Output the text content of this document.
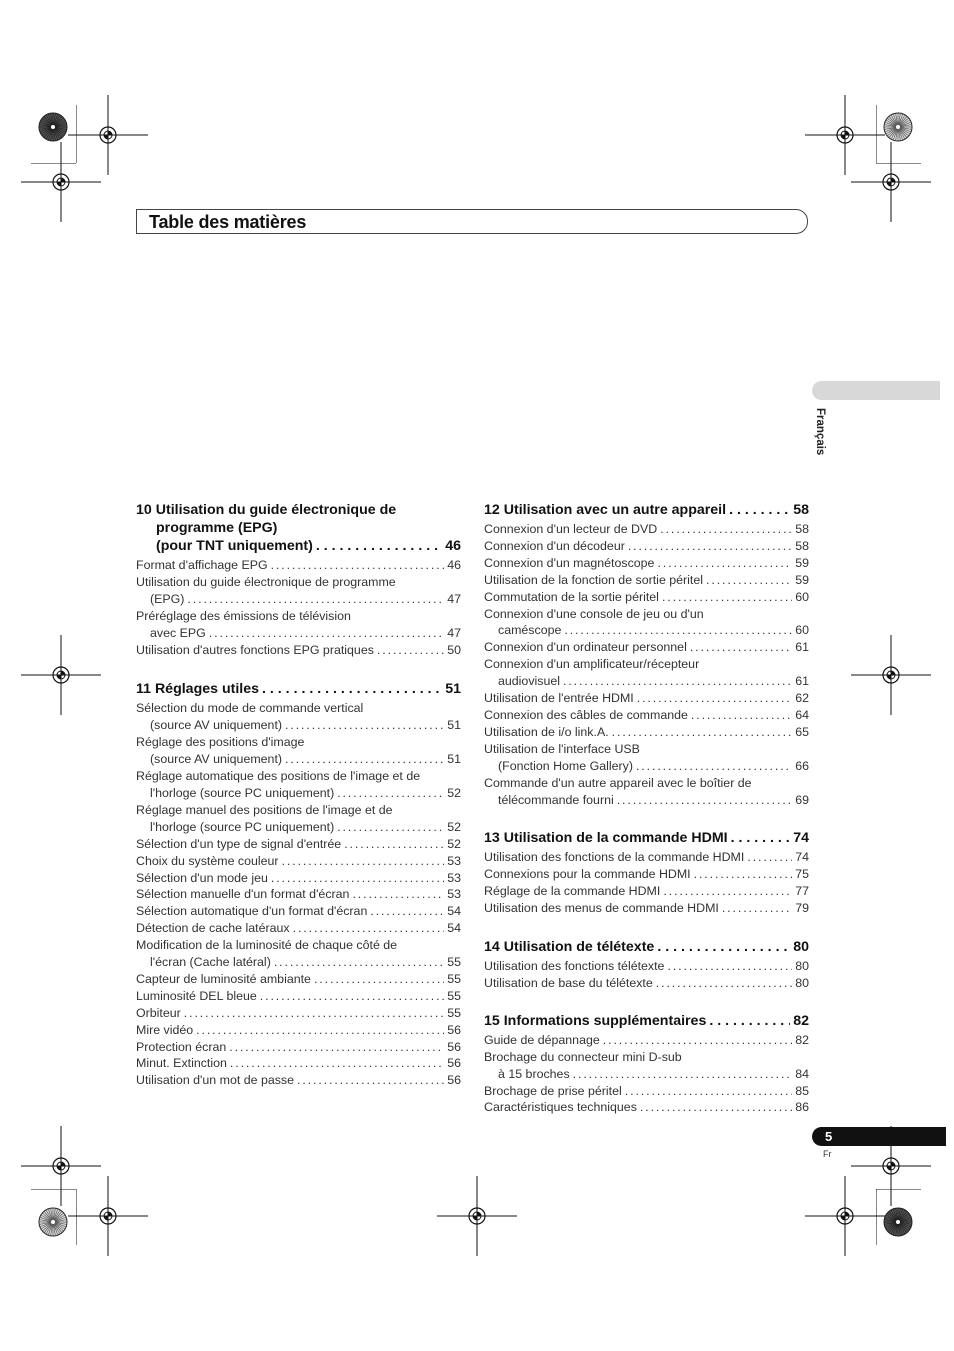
Table des matières
Français
10 Utilisation du guide électronique de
programme (EPG)
(pour TNT uniquement) . . .	46
Format d'affichage EPG .....	46
Utilisation du guide électronique de programme
(EPG) .....	47
Préréglage des émissions de télévision
avec EPG .....	47
Utilisation d'autres fonctions EPG pratiques .....	50
11 Réglages utiles . . .	51
Sélection du mode de commande vertical
(source AV uniquement) .....	51
Réglage des positions d'image
(source AV uniquement) .....	51
Réglage automatique des positions de l'image et de
l'horloge (source PC uniquement) .....	52
Réglage manuel des positions de l'image et de
l'horloge (source PC uniquement) .....	52
Sélection d'un type de signal d'entrée .....	52
Choix du système couleur .....	53
Sélection d'un mode jeu .....	53
Sélection manuelle d'un format d'écran .....	53
Sélection automatique d'un format d'écran .....	54
Détection de cache latéraux .....	54
Modification de la luminosité de chaque côté de
l'écran (Cache latéral) .....	55
Capteur de luminosité ambiante .....	55
Luminosité DEL bleue .....	55
Orbiteur .....	55
Mire vidéo .....	56
Protection écran .....	56
Minut. Extinction .....	56
Utilisation d'un mot de passe .....	56
12 Utilisation avec un autre appareil . . .	58
Connexion d'un lecteur de DVD .....	58
Connexion d'un décodeur .....	58
Connexion d'un magnétoscope .....	59
Utilisation de la fonction de sortie péritel .....	59
Commutation de la sortie péritel .....	60
Connexion d'une console de jeu ou d'un
caméscope .....	60
Connexion d'un ordinateur personnel .....	61
Connexion d'un amplificateur/récepteur
audiovisuel .....	61
Utilisation de l'entrée HDMI .....	62
Connexion des câbles de commande .....	64
Utilisation de i/o link.A. .....	65
Utilisation de l'interface USB
(Fonction Home Gallery) .....	66
Commande d'un autre appareil avec le boîtier de
télécommande fourni .....	69
13 Utilisation de la commande HDMI . . .	74
Utilisation des fonctions de la commande HDMI .....	74
Connexions pour la commande HDMI .....	75
Réglage de la commande HDMI .....	77
Utilisation des menus de commande HDMI .....	79
14 Utilisation de télétexte . . .	80
Utilisation des fonctions télétexte .....	80
Utilisation de base du télétexte .....	80
15 Informations supplémentaires . . .	82
Guide de dépannage .....	82
Brochage du connecteur mini D-sub
à 15 broches .....	84
Brochage de prise péritel .....	85
Caractéristiques techniques .....	86
5
Fr
